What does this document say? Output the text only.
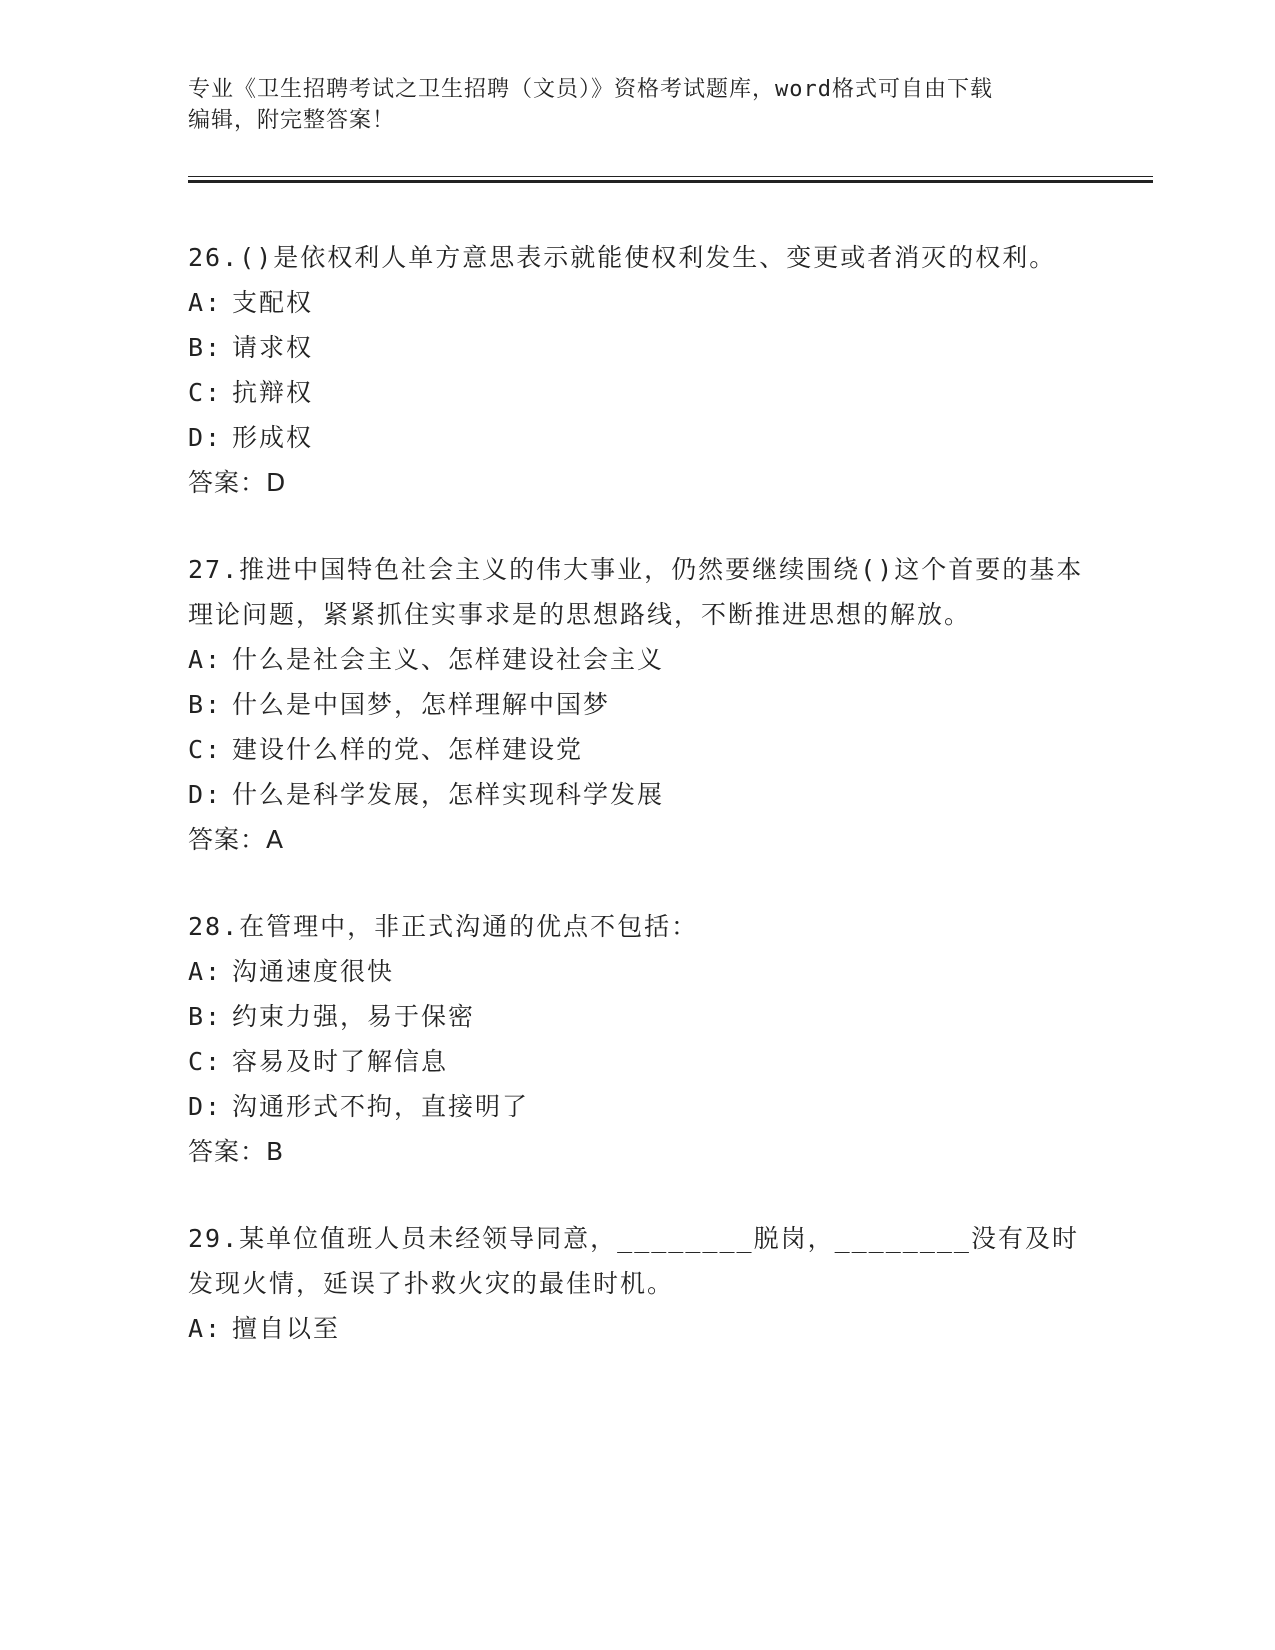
专业《卫生招聘考试之卫生招聘（文员）》资格考试题库，word格式可自由下载
编辑，附完整答案！

26.()是依权利人单方意思表示就能使权利发生、变更或者消灭的权利。

A: 支配权

B: 请求权

C: 抗辩权

D: 形成权

答案：D

27.推进中国特色社会主义的伟大事业，仍然要继续围绕()这个首要的基本理论问题，紧紧抓住实事求是的思想路线，不断推进思想的解放。

A: 什么是社会主义、怎样建设社会主义

B: 什么是中国梦，怎样理解中国梦

C: 建设什么样的党、怎样建设党

D: 什么是科学发展，怎样实现科学发展

答案：A

28.在管理中，非正式沟通的优点不包括：

A: 沟通速度很快

B: 约束力强，易于保密

C: 容易及时了解信息

D: 沟通形式不拘，直接明了

答案：B

29.某单位值班人员未经领导同意，________脱岗，________没有及时发现火情，延误了扑救火灾的最佳时机。

A: 擅自以至
